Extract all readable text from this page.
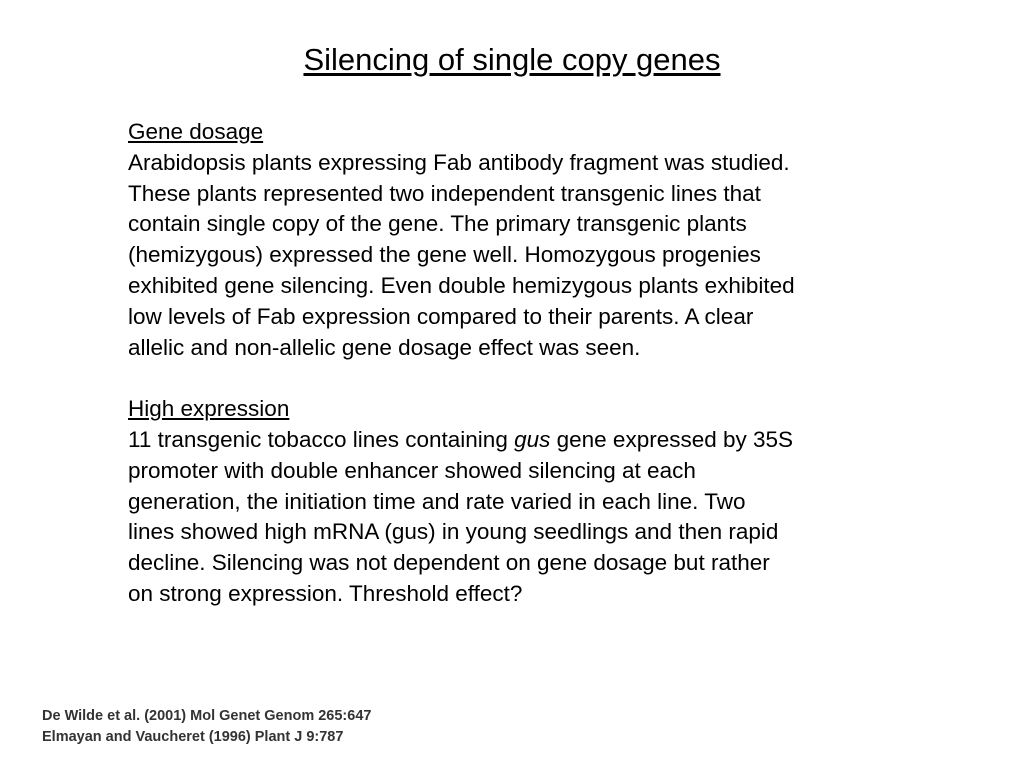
Silencing of single copy genes
Gene dosage
Arabidopsis plants expressing Fab antibody fragment was studied.
These plants represented two independent transgenic lines that
contain single copy of the gene. The primary transgenic plants
(hemizygous) expressed the gene well. Homozygous progenies
exhibited gene silencing. Even double hemizygous plants exhibited
low levels of Fab expression compared to their parents. A clear
allelic and non-allelic gene dosage effect was seen.
High expression
11 transgenic tobacco lines containing gus gene expressed by 35S
promoter with double enhancer showed silencing at each
generation, the initiation time and rate varied in each line. Two
lines showed high mRNA (gus) in young seedlings and then rapid
decline. Silencing was not dependent on gene dosage but rather
on strong expression. Threshold effect?
De Wilde et al. (2001) Mol Genet Genom 265:647
Elmayan and Vaucheret (1996) Plant J 9:787
